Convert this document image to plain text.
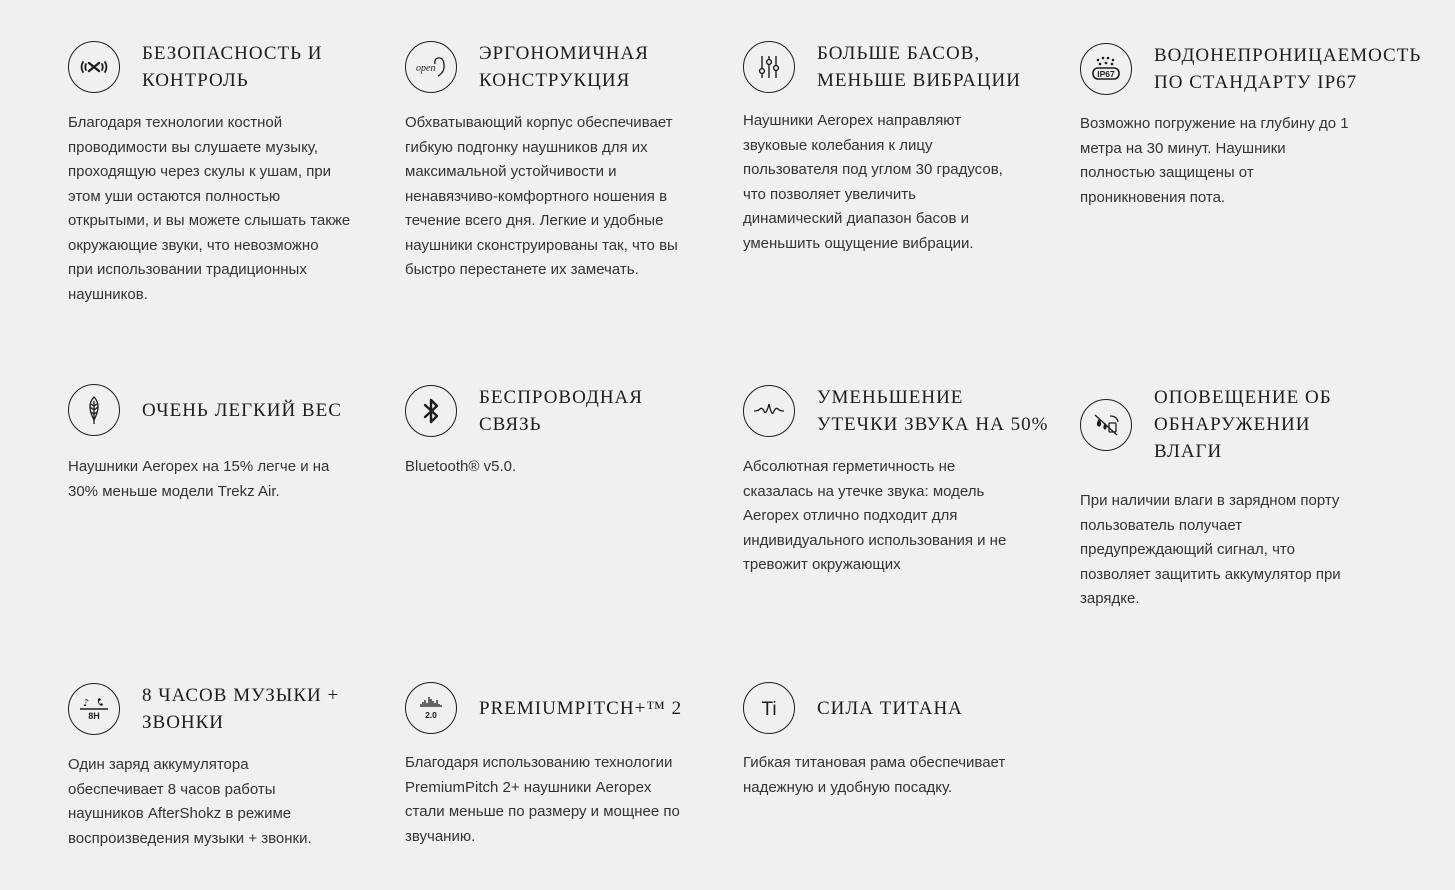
БЕЗОПАСНОСТЬ И
КОНТРОЛЬ
Благодаря технологии костной
проводимости вы слушаете музыку,
проходящую через скулы к ушам, при
этом уши остаются полностью
открытыми, и вы можете слышать также
окружающие звуки, что невозможно
при использовании традиционных
наушников.
open
ЭРГОНОМИЧНАЯ
КОНСТРУКЦИЯ
Обхватывающий корпус обеспечивает
гибкую подгонку наушников для их
максимальной устойчивости и
ненавязчиво-комфортного ношения в
течение всего дня. Легкие и удобные
наушники сконструированы так, что вы
быстро перестанете их замечать.
БОЛЬШЕ БАСОВ,
МЕНЬШЕ ВИБРАЦИИ
Наушники Aeropex направляют
звуковые колебания к лицу
пользователя под углом 30 градусов,
что позволяет увеличить
динамический диапазон басов и
уменьшить ощущение вибрации.
IP67
ВОДОНЕПРОНИЦАЕМОСТЬ
ПО СТАНДАРТУ IP67
Возможно погружение на глубину до 1
метра на 30 минут. Наушники
полностью защищены от
проникновения пота.
ОЧЕНЬ ЛЕГКИЙ ВЕС
Наушники Aeropex на 15% легче и на
30% меньше модели Trekz Air.
БЕСПРОВОДНАЯ
СВЯЗЬ
Bluetooth® v5.0.
УМЕНЬШЕНИЕ
УТЕЧКИ ЗВУКА НА 50%
Абсолютная герметичность не
сказалась на утечке звука: модель
Aeropex отлично подходит для
индивидуального использования и не
тревожит окружающих
ОПОВЕЩЕНИЕ ОБ
ОБНАРУЖЕНИИ
ВЛАГИ
При наличии влаги в зарядном порту
пользователь получает
предупреждающий сигнал, что
позволяет защитить аккумулятор при
зарядке.
♪
8H
8 ЧАСОВ МУЗЫКИ +
ЗВОНКИ
Один заряд аккумулятора
обеспечивает 8 часов работы
наушников AfterShokz в режиме
воспроизведения музыки + звонки.
2.0 PREMIUMPITCH+™ 2
Благодаря использованию технологии
PremiumPitch 2+ наушники Aeropex
стали меньше по размеру и мощнее по
звучанию.
Ti СИЛА ТИТАНА
Гибкая титановая рама обеспечивает
надежную и удобную посадку.
